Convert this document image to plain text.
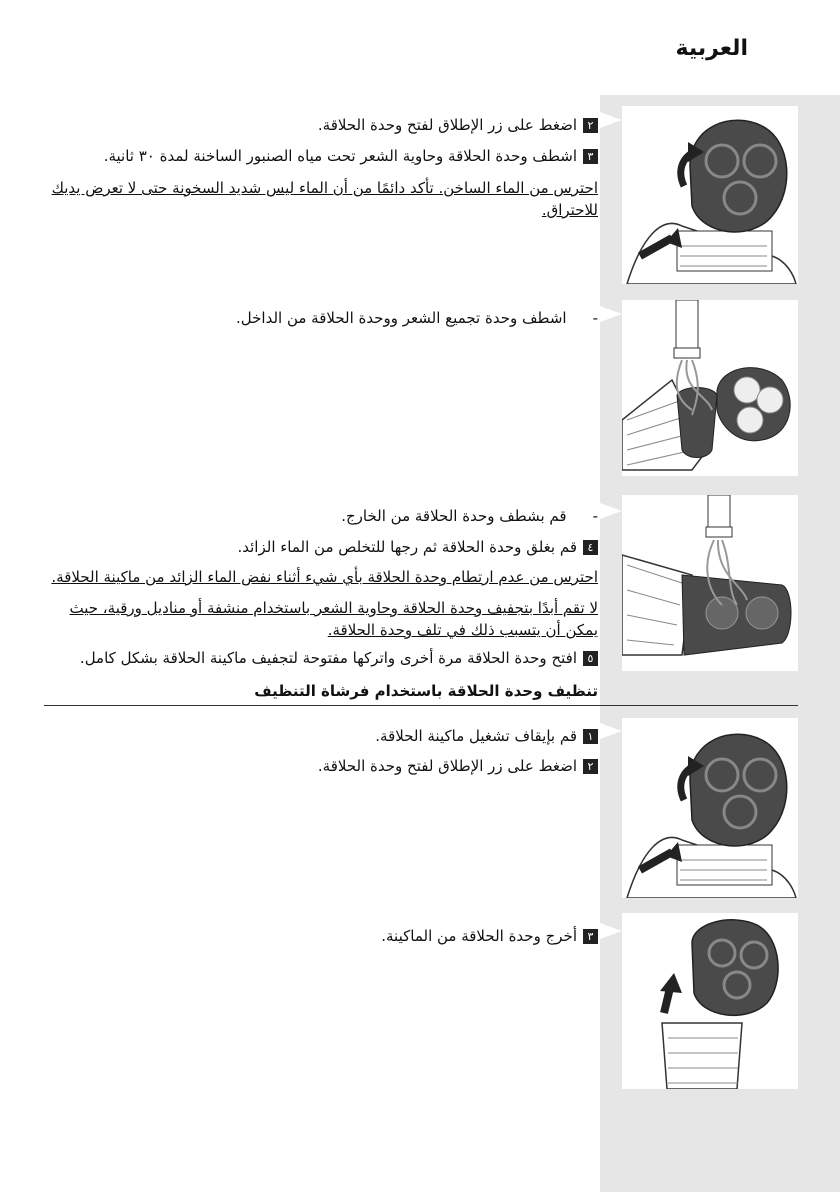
العربية
٢اضغط على زر الإطلاق لفتح وحدة الحلاقة.
٣اشطف وحدة الحلاقة وحاوية الشعر تحت مياه الصنبور الساخنة لمدة ٣٠ ثانية.
احترس من الماء الساخن. تأكد دائمًا من أن الماء ليس شديد السخونة حتى لا تعرض يديك للاحتراق.
-اشطف وحدة تجميع الشعر ووحدة الحلاقة من الداخل.
-قم بشطف وحدة الحلاقة من الخارج.
٤قم بغلق وحدة الحلاقة ثم رجها للتخلص من الماء الزائد.
احترس من عدم ارتطام وحدة الحلاقة بأي شيء أثناء نفض الماء الزائد من ماكينة الحلاقة.
لا تقم أبدًا بتجفيف وحدة الحلاقة وحاوية الشعر باستخدام منشفة أو مناديل ورقية، حيث يمكن أن يتسبب ذلك في تلف وحدة الحلاقة.
٥افتح وحدة الحلاقة مرة أخرى واتركها مفتوحة لتجفيف ماكينة الحلاقة بشكل كامل.
تنظيف وحدة الحلاقة باستخدام فرشاة التنظيف
١قم بإيقاف تشغيل ماكينة الحلاقة.
٢اضغط على زر الإطلاق لفتح وحدة الحلاقة.
٣أخرج وحدة الحلاقة من الماكينة.
